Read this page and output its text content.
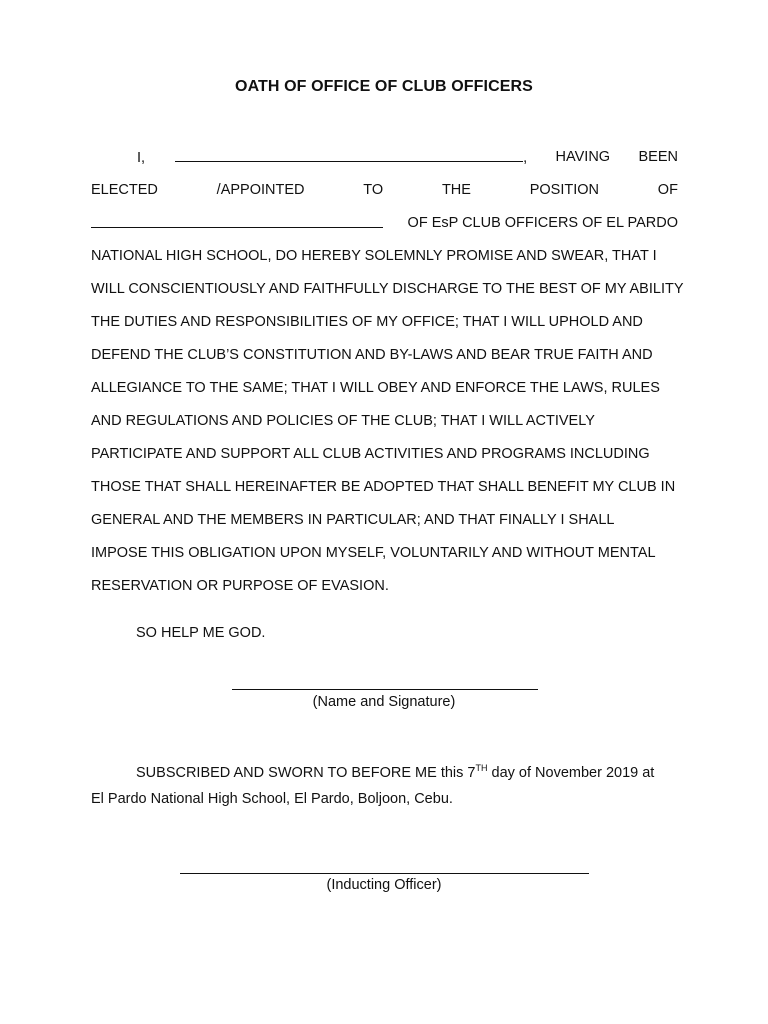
OATH OF OFFICE OF CLUB OFFICERS
I,	, HAVING BEEN
ELECTED	/APPOINTED	TO	THE	POSITION	OF
OF EsP CLUB OFFICERS OF EL PARDO
NATIONAL HIGH SCHOOL, DO HEREBY SOLEMNLY PROMISE AND SWEAR, THAT I
WILL CONSCIENTIOUSLY AND FAITHFULLY DISCHARGE TO THE BEST OF MY ABILITY
THE DUTIES AND RESPONSIBILITIES OF MY OFFICE; THAT I WILL UPHOLD AND
DEFEND THE CLUB’S CONSTITUTION AND BY-LAWS AND BEAR TRUE FAITH AND
ALLEGIANCE TO THE SAME; THAT I WILL OBEY AND ENFORCE THE LAWS, RULES
AND REGULATIONS AND POLICIES OF THE CLUB; THAT I WILL ACTIVELY
PARTICIPATE AND SUPPORT ALL CLUB ACTIVITIES AND PROGRAMS INCLUDING
THOSE THAT SHALL HEREINAFTER BE ADOPTED THAT SHALL BENEFIT MY CLUB IN
GENERAL AND THE MEMBERS IN PARTICULAR; AND THAT FINALLY I SHALL
IMPOSE THIS OBLIGATION UPON MYSELF, VOLUNTARILY AND WITHOUT MENTAL
RESERVATION OR PURPOSE OF EVASION.
SO HELP ME GOD.
(Name and Signature)
SUBSCRIBED AND SWORN TO BEFORE ME this 7TH day of November 2019 at
El Pardo National High School, El Pardo, Boljoon, Cebu.
(Inducting Officer)
